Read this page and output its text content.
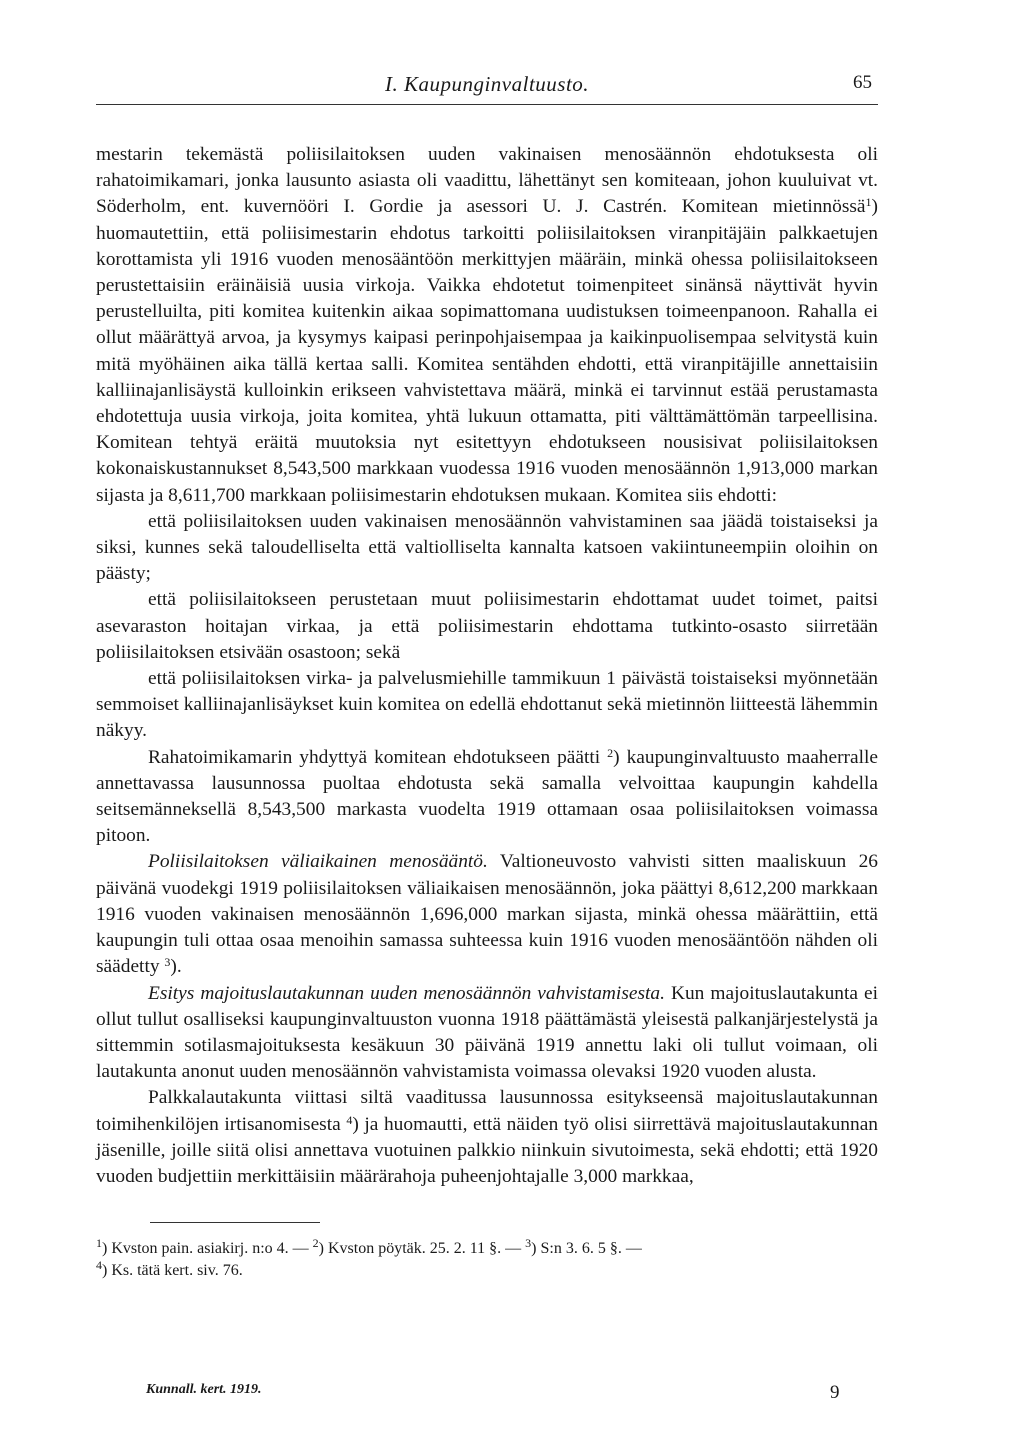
I. Kaupunginvaltuusto.	65

mestarin tekemästä poliisilaitoksen uuden vakinaisen menosäännön ehdotuksesta oli rahatoimikamari, jonka lausunto asiasta oli vaadittu, lähettänyt sen komiteaan, johon kuuluivat vt. Söderholm, ent. kuvernööri I. Gordie ja asessori U. J. Castrén. Komitean mietinnössä$^1$) huomautettiin, että poliisimestarin ehdotus tarkoitti poliisilaitoksen viranpitäjäin palkkaetujen korottamista yli 1916 vuoden menosääntöön merkittyjen määräin, minkä ohessa poliisilaitokseen perustettaisiin eräinäisiä uusia virkoja. Vaikka ehdotetut toimenpiteet sinänsä näyttivät hyvin perustelluilta, piti komitea kuitenkin aikaa sopimattomana uudistuksen toimeenpanoon. Rahalla ei ollut määrättyä arvoa, ja kysymys kaipasi perinpohjaisempaa ja kaikinpuolisempaa selvitystä kuin mitä myöhäinen aika tällä kertaa salli. Komitea sentähden ehdotti, että viranpitäjille annettaisiin kalliinajanlisäystä kulloinkin erikseen vahvistettava määrä, minkä ei tarvinnut estää perustamasta ehdotettuja uusia virkoja, joita komitea, yhtä lukuun ottamatta, piti välttämättömän tarpeellisina. Komitean tehtyä eräitä muutoksia nyt esitettyyn ehdotukseen nousisivat poliisilaitoksen kokonaiskustannukset 8,543,500 markkaan vuodessa 1916 vuoden menosäännön 1,913,000 markan sijasta ja 8,611,700 markkaan poliisimestarin ehdotuksen mukaan. Komitea siis ehdotti:

että poliisilaitoksen uuden vakinaisen menosäännön vahvistaminen saa jäädä toistaiseksi ja siksi, kunnes sekä taloudelliselta että valtiolliselta kannalta katsoen vakiintuneempiin oloihin on päästy;

että poliisilaitokseen perustetaan muut poliisimestarin ehdottamat uudet toimet, paitsi asevaraston hoitajan virkaa, ja että poliisimestarin ehdottama tutkinto-osasto siirretään poliisilaitoksen etsivään osastoon; sekä

että poliisilaitoksen virka- ja palvelusmiehille tammikuun 1 päivästä toistaiseksi myönnetään semmoiset kalliinajanlisäykset kuin komitea on edellä ehdottanut sekä mietinnön liitteestä lähemmin näkyy.

Rahatoimikamarin yhdyttyä komitean ehdotukseen päätti $^2$) kaupunginvaltuusto maaherralle annettavassa lausunnossa puoltaa ehdotusta sekä samalla velvoittaa kaupungin kahdella seitsemänneksellä 8,543,500 markasta vuodelta 1919 ottamaan osaa poliisilaitoksen voimassa pitoon.

Poliisilaitoksen väliaikainen menosääntö. Valtioneuvosto vahvisti sitten maaliskuun 26 päivänä vuodekgi 1919 poliisilaitoksen väliaikaisen menosäännön, joka päättyi 8,612,200 markkaan 1916 vuoden vakinaisen menosäännön 1,696,000 markan sijasta, minkä ohessa määrättiin, että kaupungin tuli ottaa osaa menoihin samassa suhteessa kuin 1916 vuoden menosääntöön nähden oli säädetty $^3$).

Esitys majoituslautakunnan uuden menosäännön vahvistamisesta. Kun majoituslautakunta ei ollut tullut osalliseksi kaupunginvaltuuston vuonna 1918 päättämästä yleisestä palkanjärjestelystä ja sittemmin sotilasmajoituksesta kesäkuun 30 päivänä 1919 annettu laki oli tullut voimaan, oli lautakunta anonut uuden menosäännön vahvistamista voimassa olevaksi 1920 vuoden alusta.

Palkkalautakunta viittasi siltä vaaditussa lausunnossa esitykseensä majoituslautakunnan toimihenkilöjen irtisanomisesta $^4$) ja huomautti, että näiden työ olisi siirrettävä majoituslautakunnan jäsenille, joille siitä olisi annettava vuotuinen palkkio niinkuin sivutoimesta, sekä ehdotti; että 1920 vuoden budjettiin merkittäisiin määrärahoja puheenjohtajalle 3,000 markkaa,

$^1$) Kvston pain. asiakirj. n:o 4. — $^2$) Kvston pöytäk. 25. 2. 11 §. — $^3$) S:n 3. 6. 5 §. —
$^4$) Ks. tätä kert. siv. 76.
Kunnall. kert. 1919.	9
